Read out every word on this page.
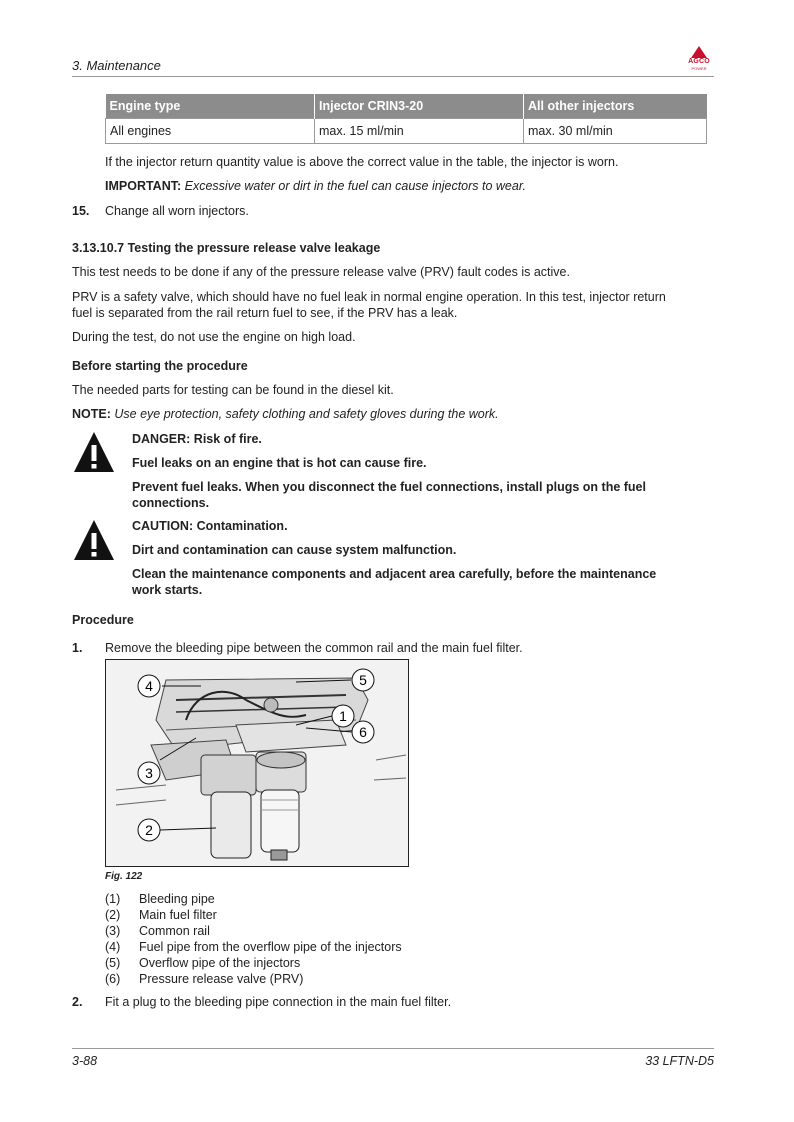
3. Maintenance	AGCO
POWER
Engine type	Injector CRIN3-20	All other injectors
All engines	max. 15 ml/min	max. 30 ml/min
If the injector return quantity value is above the correct value in the table, the injector is worn.
IMPORTANT: Excessive water or dirt in the fuel can cause injectors to wear.
15. Change all worn injectors.
3.13.10.7 Testing the pressure release valve leakage
This test needs to be done if any of the pressure release valve (PRV) fault codes is active.
PRV is a safety valve, which should have no fuel leak in normal engine operation. In this test, injector return
fuel is separated from the rail return fuel to see, if the PRV has a leak.
During the test, do not use the engine on high load.
Before starting the procedure
The needed parts for testing can be found in the diesel kit.
NOTE: Use eye protection, safety clothing and safety gloves during the work.
DANGER: Risk of fire.
Fuel leaks on an engine that is hot can cause fire.
Prevent fuel leaks. When you disconnect the fuel connections, install plugs on the fuel
connections.
CAUTION: Contamination.
Dirt and contamination can cause system malfunction.
Clean the maintenance components and adjacent area carefully, before the maintenance
work starts.
Procedure
1. Remove the bleeding pipe between the common rail and the main fuel filter.
4	5
1
6
3
2
Fig. 122
(1)	Bleeding pipe
(2)	Main fuel filter
(3)	Common rail
(4)	Fuel pipe from the overflow pipe of the injectors
(5)	Overflow pipe of the injectors
(6)	Pressure release valve (PRV)
2. Fit a plug to the bleeding pipe connection in the main fuel filter.
3-88	33 LFTN-D5
